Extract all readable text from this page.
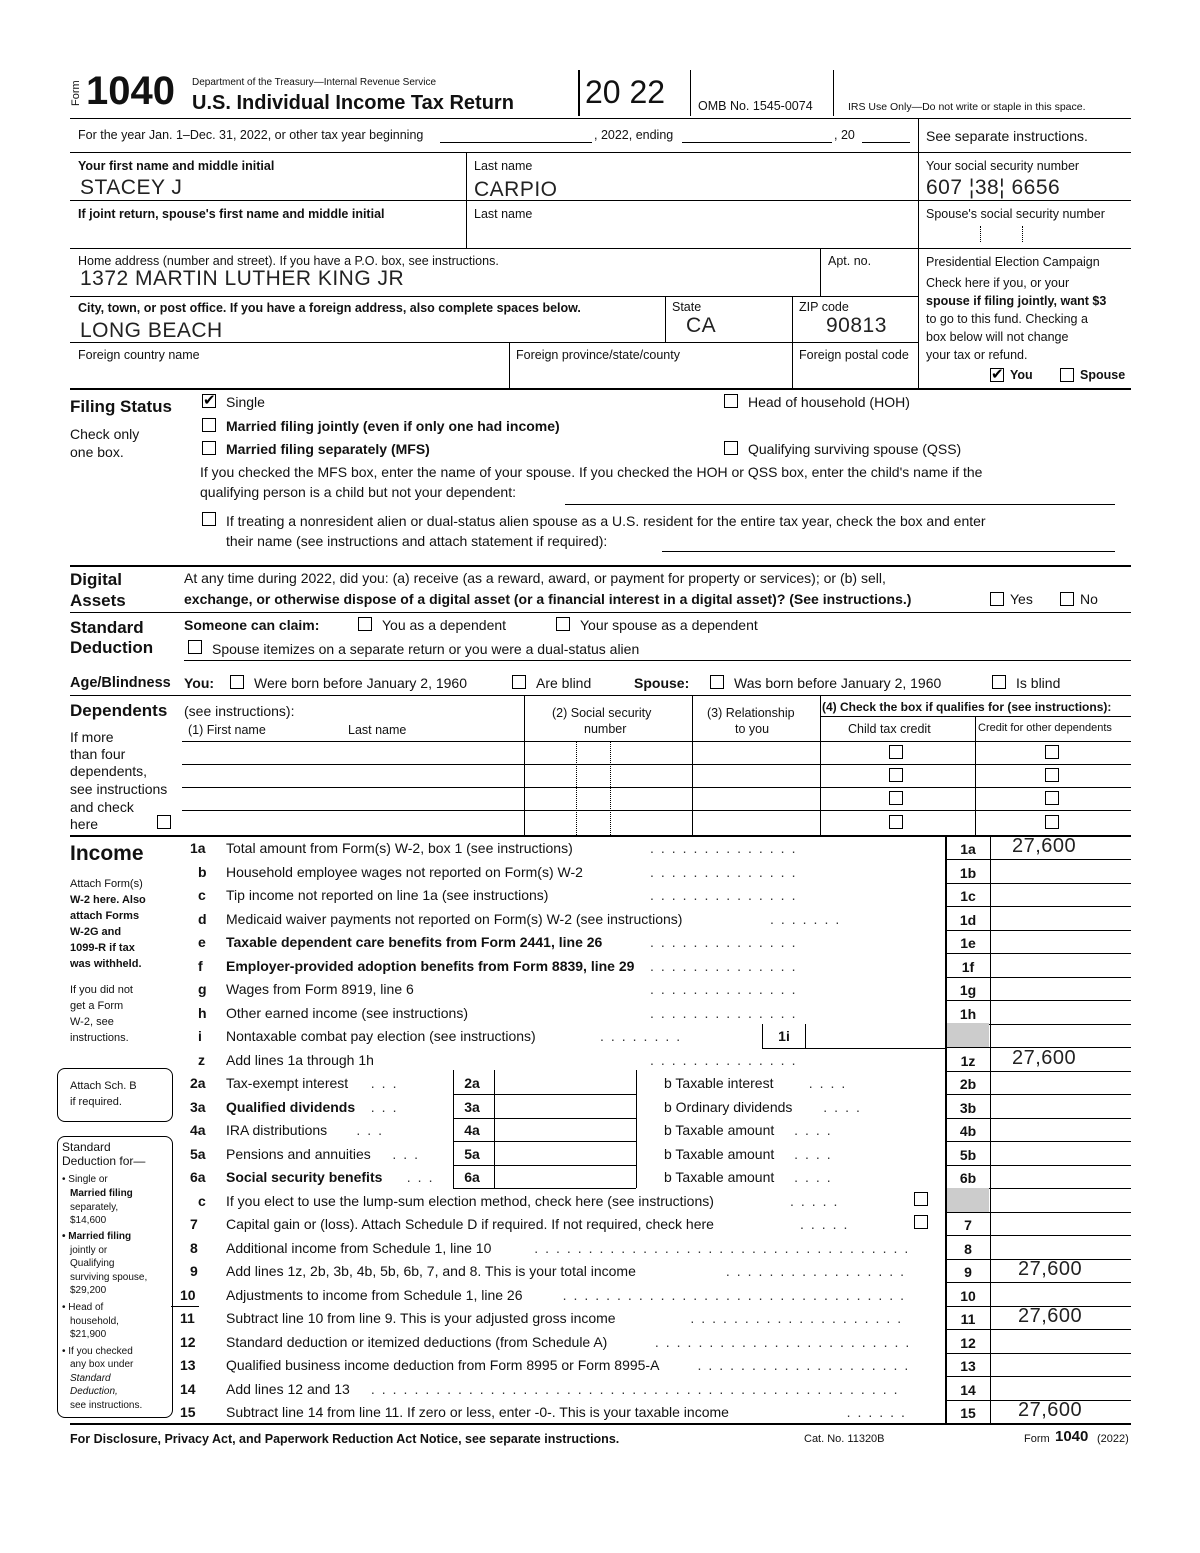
Form 1040 Department of the Treasury—Internal Revenue Service
U.S. Individual Income Tax Return 20 22	OMB No. 1545-0074	IRS Use Only—Do not write or staple in this space.
For the year Jan. 1–Dec. 31, 2022, or other tax year beginning	, 2022, ending	, 20	See separate instructions.
Your first name and middle initial
STACEY J
Last name
CARPIO
Your social security number
607 ¦38¦ 6656
If joint return, spouse's first name and middle initial	Last name	Spouse's social security number
Home address (number and street). If you have a P.O. box, see instructions.
1372 MARTIN LUTHER KING JR
Apt. no.
City, town, or post office. If you have a foreign address, also complete spaces below.
LONG BEACH
State
CA
ZIP code
90813
Foreign country name	Foreign province/state/county	Foreign postal code
Presidential Election Campaign
Check here if you, or your
spouse if filing jointly, want $3
to go to this fund. Checking a
box below will not change
your tax or refund.
✔
You	Spouse
Filing Status
Check only
one box.
✔
Single	Head of household (HOH)
Married filing jointly (even if only one had income)
Married filing separately (MFS)	Qualifying surviving spouse (QSS)
If you checked the MFS box, enter the name of your spouse. If you checked the HOH or QSS box, enter the child's name if the
qualifying person is a child but not your dependent:
If treating a nonresident alien or dual-status alien spouse as a U.S. resident for the entire tax year, check the box and enter
their name (see instructions and attach statement if required):
Digital
Assets
At any time during 2022, did you: (a) receive (as a reward, award, or payment for property or services); or (b) sell,
exchange, or otherwise dispose of a digital asset (or a financial interest in a digital asset)? (See instructions.)	Yes	No
Standard
Deduction
Someone can claim:	You as a dependent	Your spouse as a dependent
Spouse itemizes on a separate return or you were a dual-status alien
Age/Blindness You:	Were born before January 2, 1960	Are blind	Spouse:	Was born before January 2, 1960	Is blind
Dependents (see instructions):
(1) First name	Last name
(2) Social security
number
(3) Relationship
to you
(4) Check the box if qualifies for (see instructions):
Child tax credit	Credit for other dependents
If more
than four
dependents,
see instructions
and check
here
Income
Attach Form(s)
W-2 here. Also
attach Forms
W-2G and
1099-R if tax
was withheld.
If you did not
get a Form
W-2, see
instructions.
Attach Sch. B
if required.
Standard
Deduction for—
• Single or
Married filing
separately,
$14,600
• Married filing
jointly or
Qualifying
surviving spouse,
$29,200
• Head of
household,
$21,900
• If you checked
any box under
Standard
Deduction,
see instructions.
1a Total amount from Form(s) W-2, box 1 (see instructions)	..............	1a	27,600
b Household employee wages not reported on Form(s) W-2	..............	1b
c Tip income not reported on line 1a (see instructions)	..............	1c
d Medicaid waiver payments not reported on Form(s) W-2 (see instructions)	.......	1d
e Taxable dependent care benefits from Form 2441, line 26	..............	1e
f Employer-provided adoption benefits from Form 8839, line 29 ..............	1f
g Wages from Form 8919, line 6	..............	1g
h Other earned income (see instructions)	..............	1h
i Nontaxable combat pay election (see instructions)	........	1i
z Add lines 1a through 1h	..............	1z	27,600
2a Tax-exempt interest ...	2a	b Taxable interest	....	2b
3a Qualified dividends ...	3a	b Ordinary dividends ....	3b
4a IRA distributions ...	4a	b Taxable amount ....	4b
5a Pensions and annuities ...	5a	b Taxable amount ....	5b
6a Social security benefits ...	6a	b Taxable amount ....	6b
c If you elect to use the lump-sum election method, check here (see instructions)	.....
7 Capital gain or (loss). Attach Schedule D if required. If not required, check here	.....	7
8 Additional income from Schedule 1, line 10	...................................	8
9 Add lines 1z, 2b, 3b, 4b, 5b, 6b, 7, and 8. This is your total income	.................	9	27,600
10 Adjustments to income from Schedule 1, line 26	................................	10
11 Subtract line 10 from line 9. This is your adjusted gross income	....................	11	27,600
12 Standard deduction or itemized deductions (from Schedule A)	........................	12
13 Qualified business income deduction from Form 8995 or Form 8995-A	....................	13
14 Add lines 12 and 13 .................................................	14
15 Subtract line 14 from line 11. If zero or less, enter -0-. This is your taxable income	......	15	27,600
For Disclosure, Privacy Act, and Paperwork Reduction Act Notice, see separate instructions.	Cat. No. 11320B	Form 1040 (2022)
